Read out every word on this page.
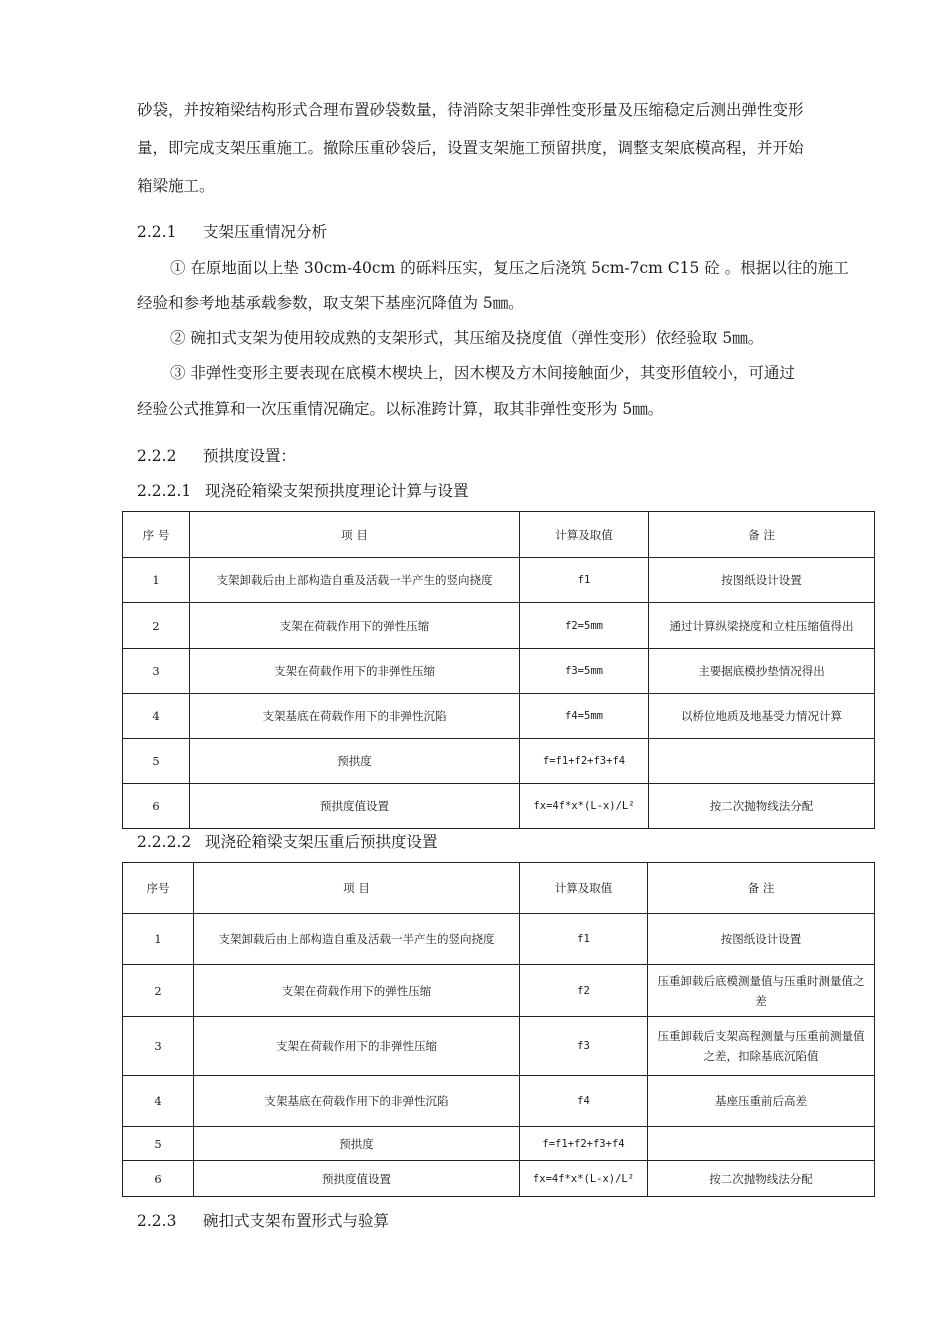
砂袋，并按箱梁结构形式合理布置砂袋数量，待消除支架非弹性变形量及压缩稳定后测出弹性变形
量，即完成支架压重施工。撤除压重砂袋后，设置支架施工预留拱度，调整支架底模高程，并开始
箱梁施工。
2.2.1 支架压重情况分析
① 在原地面以上垫 30cm-40cm 的砾料压实，复压之后浇筑 5cm-7cm C15 砼 。根据以往的施工
经验和参考地基承载参数，取支架下基座沉降值为 5㎜。
② 碗扣式支架为使用较成熟的支架形式，其压缩及挠度值（弹性变形）依经验取 5㎜。
③ 非弹性变形主要表现在底模木楔块上，因木楔及方木间接触面少，其变形值较小，可通过
经验公式推算和一次压重情况确定。以标准跨计算，取其非弹性变形为 5㎜。
2.2.2 预拱度设置：
2.2.2.1 现浇砼箱梁支架预拱度理论计算与设置
序 号	项 目	计算及取值	备 注
1	支架卸载后由上部构造自重及活载一半产生的竖向挠度	f1	按图纸设计设置
2	支架在荷载作用下的弹性压缩	f2=5mm	通过计算纵梁挠度和立柱压缩值得出
3	支架在荷载作用下的非弹性压缩	f3=5mm	主要据底模抄垫情况得出
4	支架基底在荷载作用下的非弹性沉陷	f4=5mm	以桥位地质及地基受力情况计算
5	预拱度	f=f1+f2+f3+f4	
6	预拱度值设置	fx=4f*x*(L-x)/L²	按二次抛物线法分配
2.2.2.2 现浇砼箱梁支架压重后预拱度设置
序号	项 目	计算及取值	备 注
1	支架卸载后由上部构造自重及活载一半产生的竖向挠度	f1	按图纸设计设置
2	支架在荷载作用下的弹性压缩	f2	压重卸载后底模测量值与压重时测量值之差
3	支架在荷载作用下的非弹性压缩	f3	压重卸载后支架高程测量与压重前测量值之差，扣除基底沉陷值
4	支架基底在荷载作用下的非弹性沉陷	f4	基座压重前后高差
5	预拱度	f=f1+f2+f3+f4	
6	预拱度值设置	fx=4f*x*(L-x)/L²	按二次抛物线法分配
2.2.3 碗扣式支架布置形式与验算
